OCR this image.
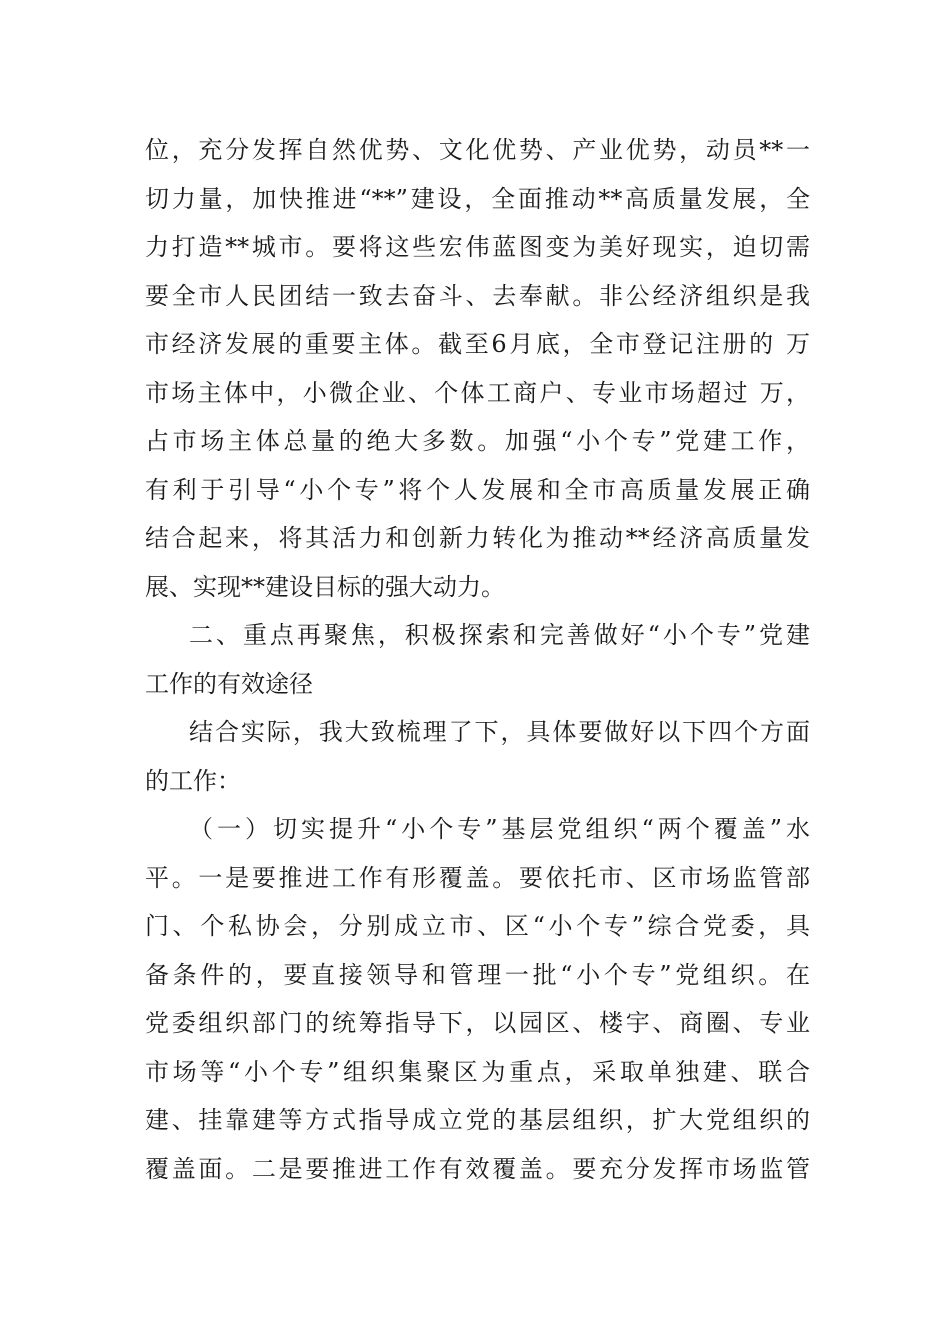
位，充分发挥自然优势、文化优势、产业优势，动员**一
切力量，加快推进“**”建设，全面推动**高质量发展，全
力打造**城市。要将这些宏伟蓝图变为美好现实，迫切需
要全市人民团结一致去奋斗、去奉献。非公经济组织是我
市经济发展的重要主体。截至6月底，全市登记注册的 万
市场主体中，小微企业、个体工商户、专业市场超过 万，
占市场主体总量的绝大多数。加强“小个专”党建工作，
有利于引导“小个专”将个人发展和全市高质量发展正确
结合起来，将其活力和创新力转化为推动**经济高质量发
展、实现**建设目标的强大动力。
二、重点再聚焦，积极探索和完善做好“小个专”党建
工作的有效途径
结合实际，我大致梳理了下，具体要做好以下四个方面
的工作：
（一）切实提升“小个专”基层党组织“两个覆盖”水
平。一是要推进工作有形覆盖。要依托市、区市场监管部
门、个私协会，分别成立市、区“小个专”综合党委，具
备条件的，要直接领导和管理一批“小个专”党组织。在
党委组织部门的统筹指导下，以园区、楼宇、商圈、专业
市场等“小个专”组织集聚区为重点，采取单独建、联合
建、挂靠建等方式指导成立党的基层组织，扩大党组织的
覆盖面。二是要推进工作有效覆盖。要充分发挥市场监管
